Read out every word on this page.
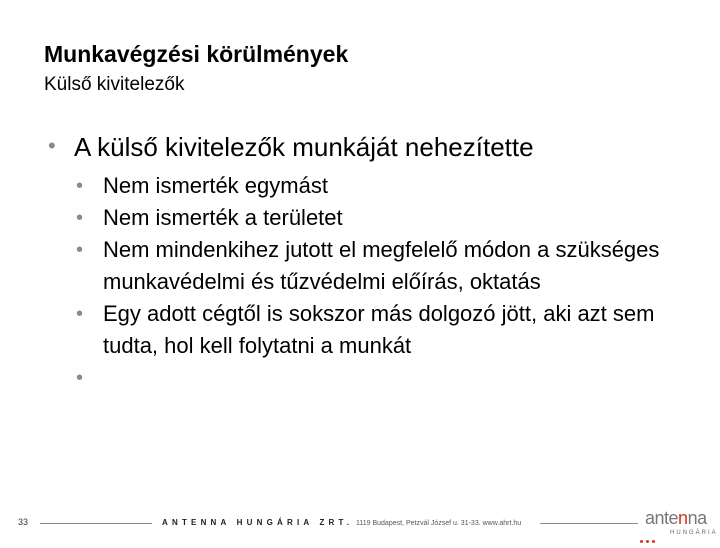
Munkavégzési körülmények
Külső kivitelezők
• A külső kivitelezők munkáját nehezítette
• Nem ismerték egymást
• Nem ismerték a területet
• Nem mindenkihez jutott el megfelelő módon a szükséges munkavédelmi és tűzvédelmi előírás, oktatás
• Egy adott cégtől is sokszor más dolgozó jött, aki azt sem tudta, hol kell folytatni a munkát
•
33	ANTENNA HUNGÁRIA ZRT. 1119 Budapest, Petzvál József u. 31-33. www.ahrt.hu	antenna
HUNGÁRIA
